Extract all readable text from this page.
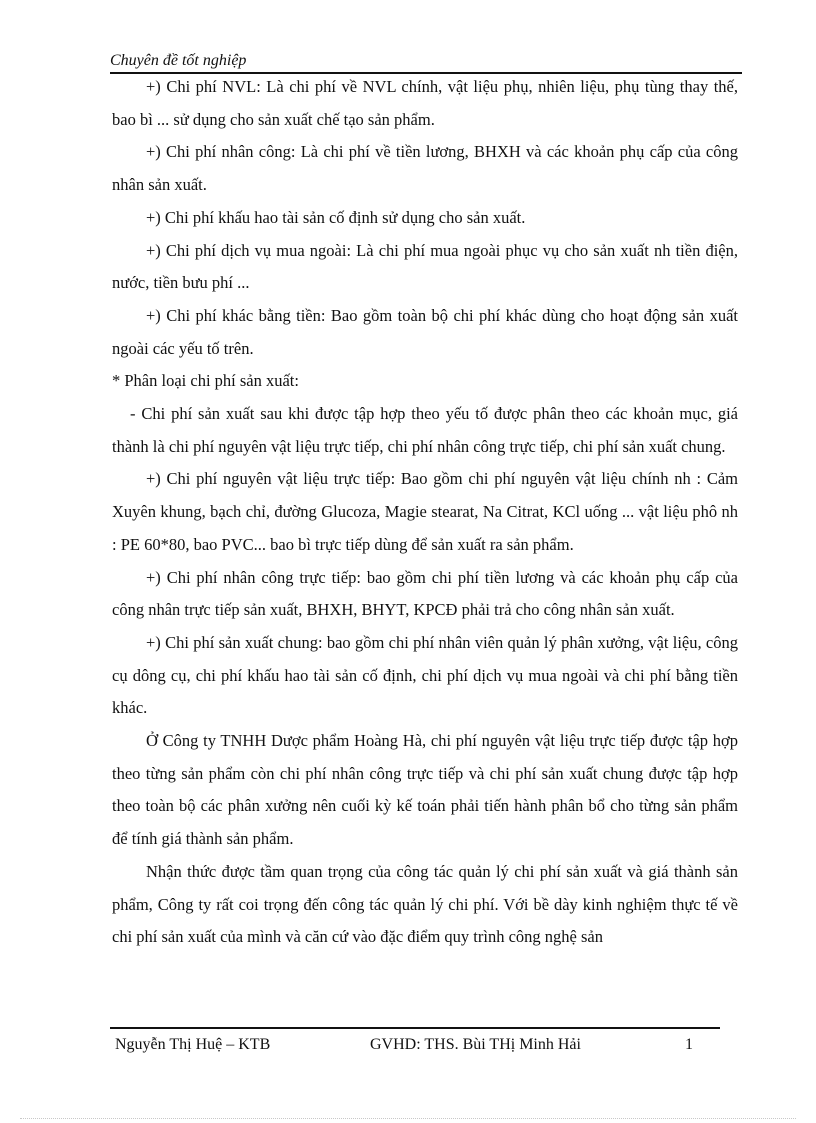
Chuyên đề tốt nghiệp

+) Chi phí NVL: Là chi phí về NVL chính, vật liệu phụ, nhiên liệu, phụ tùng thay thế, bao bì ... sử dụng cho sản xuất chế tạo sản phẩm.

+) Chi phí nhân công: Là chi phí về tiền lương, BHXH và các khoản phụ cấp của công nhân sản xuất.

+) Chi phí khấu hao tài sản cố định sử dụng cho sản xuất.

+) Chi phí dịch vụ mua ngoài: Là chi phí mua ngoài phục vụ cho sản xuất nh tiền điện, nước, tiền bưu phí ...

+) Chi phí khác bằng tiền: Bao gồm toàn bộ chi phí khác dùng cho hoạt động sản xuất ngoài các yếu tố trên.

* Phân loại chi phí sản xuất:

- Chi phí sản xuất sau khi được tập hợp theo yếu tố được phân theo các khoản mục, giá thành là chi phí nguyên vật liệu trực tiếp, chi phí nhân công trực tiếp, chi phí sản xuất chung.

+) Chi phí nguyên vật liệu trực tiếp: Bao gồm chi phí nguyên vật liệu chính nh : Cảm Xuyên khung, bạch chỉ, đường Glucoza, Magie stearat, Na Citrat, KCl uống ... vật liệu phô nh : PE 60*80, bao PVC... bao bì trực tiếp dùng để sản xuất ra sản phẩm.

+) Chi phí nhân công trực tiếp: bao gồm chi phí tiền lương và các khoản phụ cấp của công nhân trực tiếp sản xuất, BHXH, BHYT, KPCĐ phải trả cho công nhân sản xuất.

+) Chi phí sản xuất chung: bao gồm chi phí nhân viên quản lý phân xưởng, vật liệu, công cụ dông cụ, chi phí khấu hao tài sản cố định, chi phí dịch vụ mua ngoài và chi phí bằng tiền khác.

Ở Công ty TNHH Dược phẩm Hoàng Hà, chi phí nguyên vật liệu trực tiếp được tập hợp theo từng sản phẩm còn chi phí nhân công trực tiếp và chi phí sản xuất chung được tập hợp theo toàn bộ các phân xưởng nên cuối kỳ kế toán phải tiến hành phân bổ cho từng sản phẩm để tính giá thành sản phẩm.

Nhận thức được tầm quan trọng của công tác quản lý chi phí sản xuất và giá thành sản phẩm, Công ty rất coi trọng đến công tác quản lý chi phí. Với bề dày kinh nghiệm thực tế về chi phí sản xuất của mình và căn cứ vào đặc điểm quy trình công nghệ sản

Nguyễn Thị Huệ – KTB	GVHD: THS. Bùi THị Minh Hải	1
